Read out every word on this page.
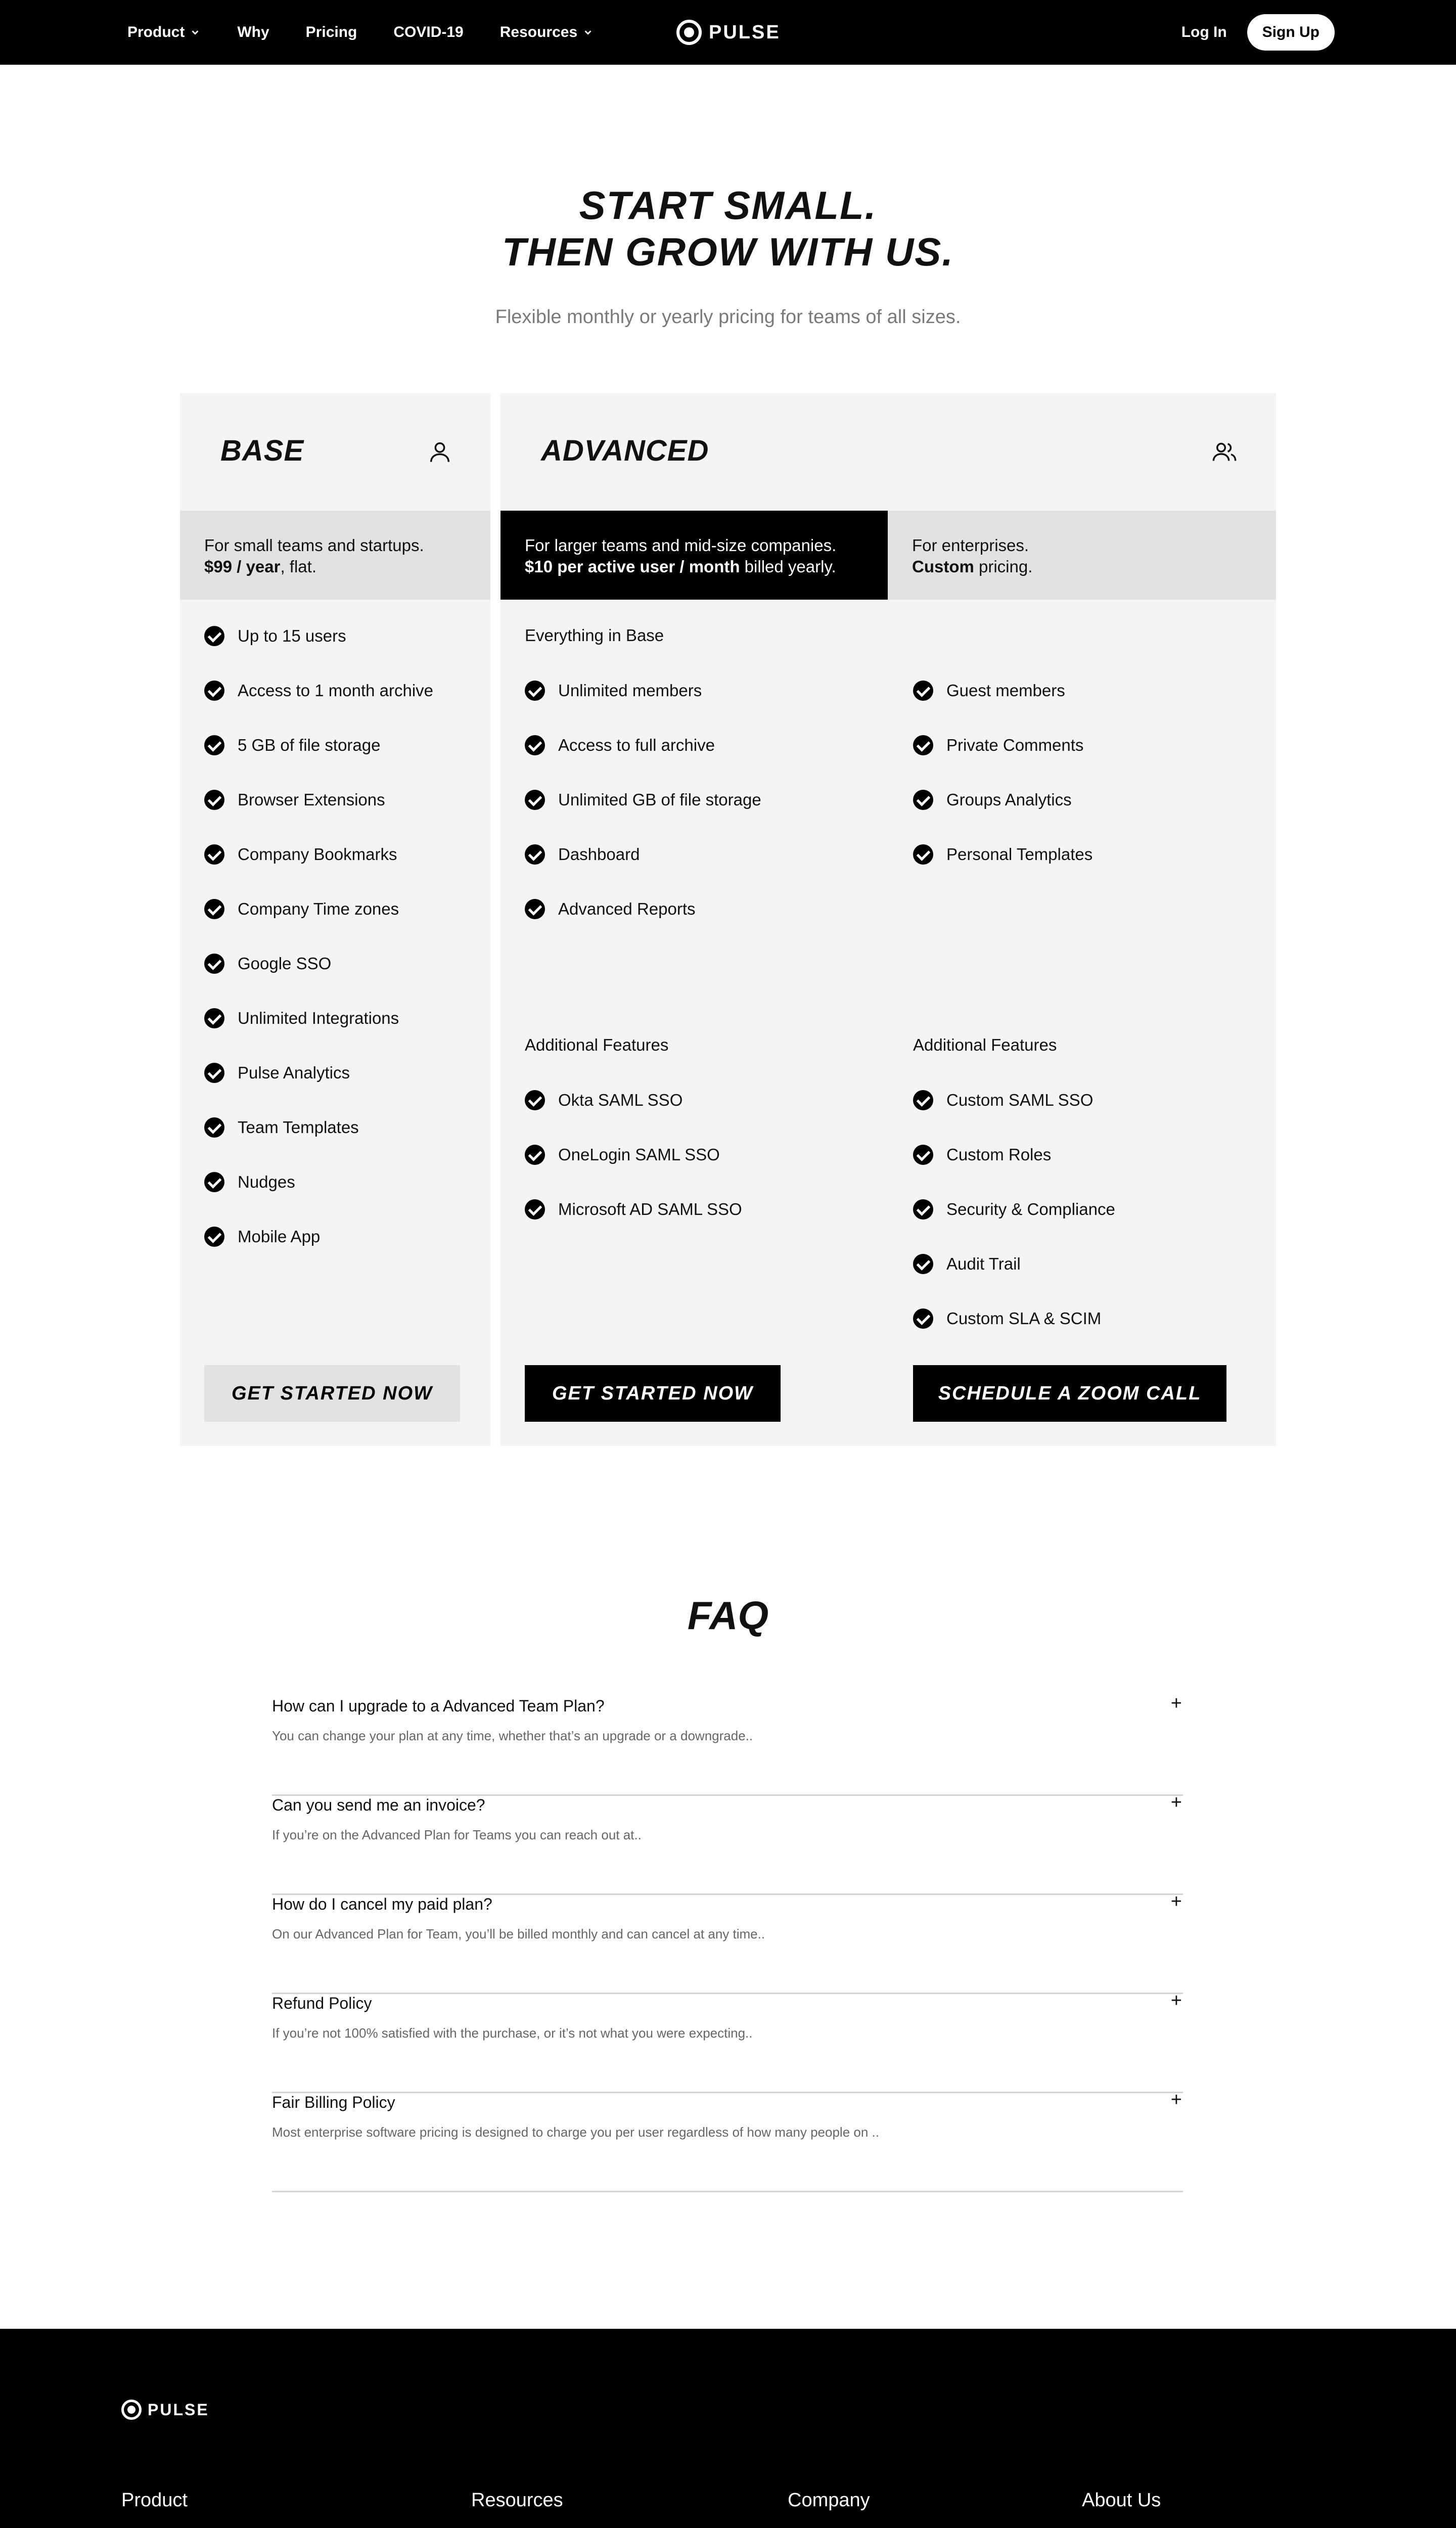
Product	Why Pricing COVID-19 Resources	PULSE	Log In	Sign Up
START SMALL.
THEN GROW WITH US.

Flexible monthly or yearly pricing for teams of all sizes.

BASE
For small teams and startups.
$99 / year, flat.
Up to 15 users
Access to 1 month archive
5 GB of file storage
Browser Extensions
Company Bookmarks
Company Time zones
Google SSO
Unlimited Integrations
Pulse Analytics
Team Templates
Nudges
Mobile App
GET STARTED NOW
ADVANCED
For larger teams and mid-size companies.
$10 per active user / month billed yearly.
For enterprises.
Custom pricing.
Everything in Base
Unlimited members
Access to full archive
Unlimited GB of file storage
Dashboard
Advanced Reports
Guest members
Private Comments
Groups Analytics
Personal Templates
Additional Features	Additional Features
Okta SAML SSO
OneLogin SAML SSO
Microsoft AD SAML SSO
Custom SAML SSO
Custom Roles
Security & Compliance
Audit Trail
Custom SLA & SCIM
GET STARTED NOW	SCHEDULE A ZOOM CALL
FAQ
How can I upgrade to a Advanced Team Plan?
You can change your plan at any time, whether that’s an upgrade or a downgrade..
+
Can you send me an invoice?
If you’re on the Advanced Plan for Teams you can reach out at..
+
How do I cancel my paid plan?
On our Advanced Plan for Team, you’ll be billed monthly and can cancel at any time..
+
Refund Policy
If you’re not 100% satisfied with the purchase, or it’s not what you were expecting..
+
Fair Billing Policy
Most enterprise software pricing is designed to charge you per user regardless of how many people on ..
+
PULSE
Product	Resources	Company	About Us
